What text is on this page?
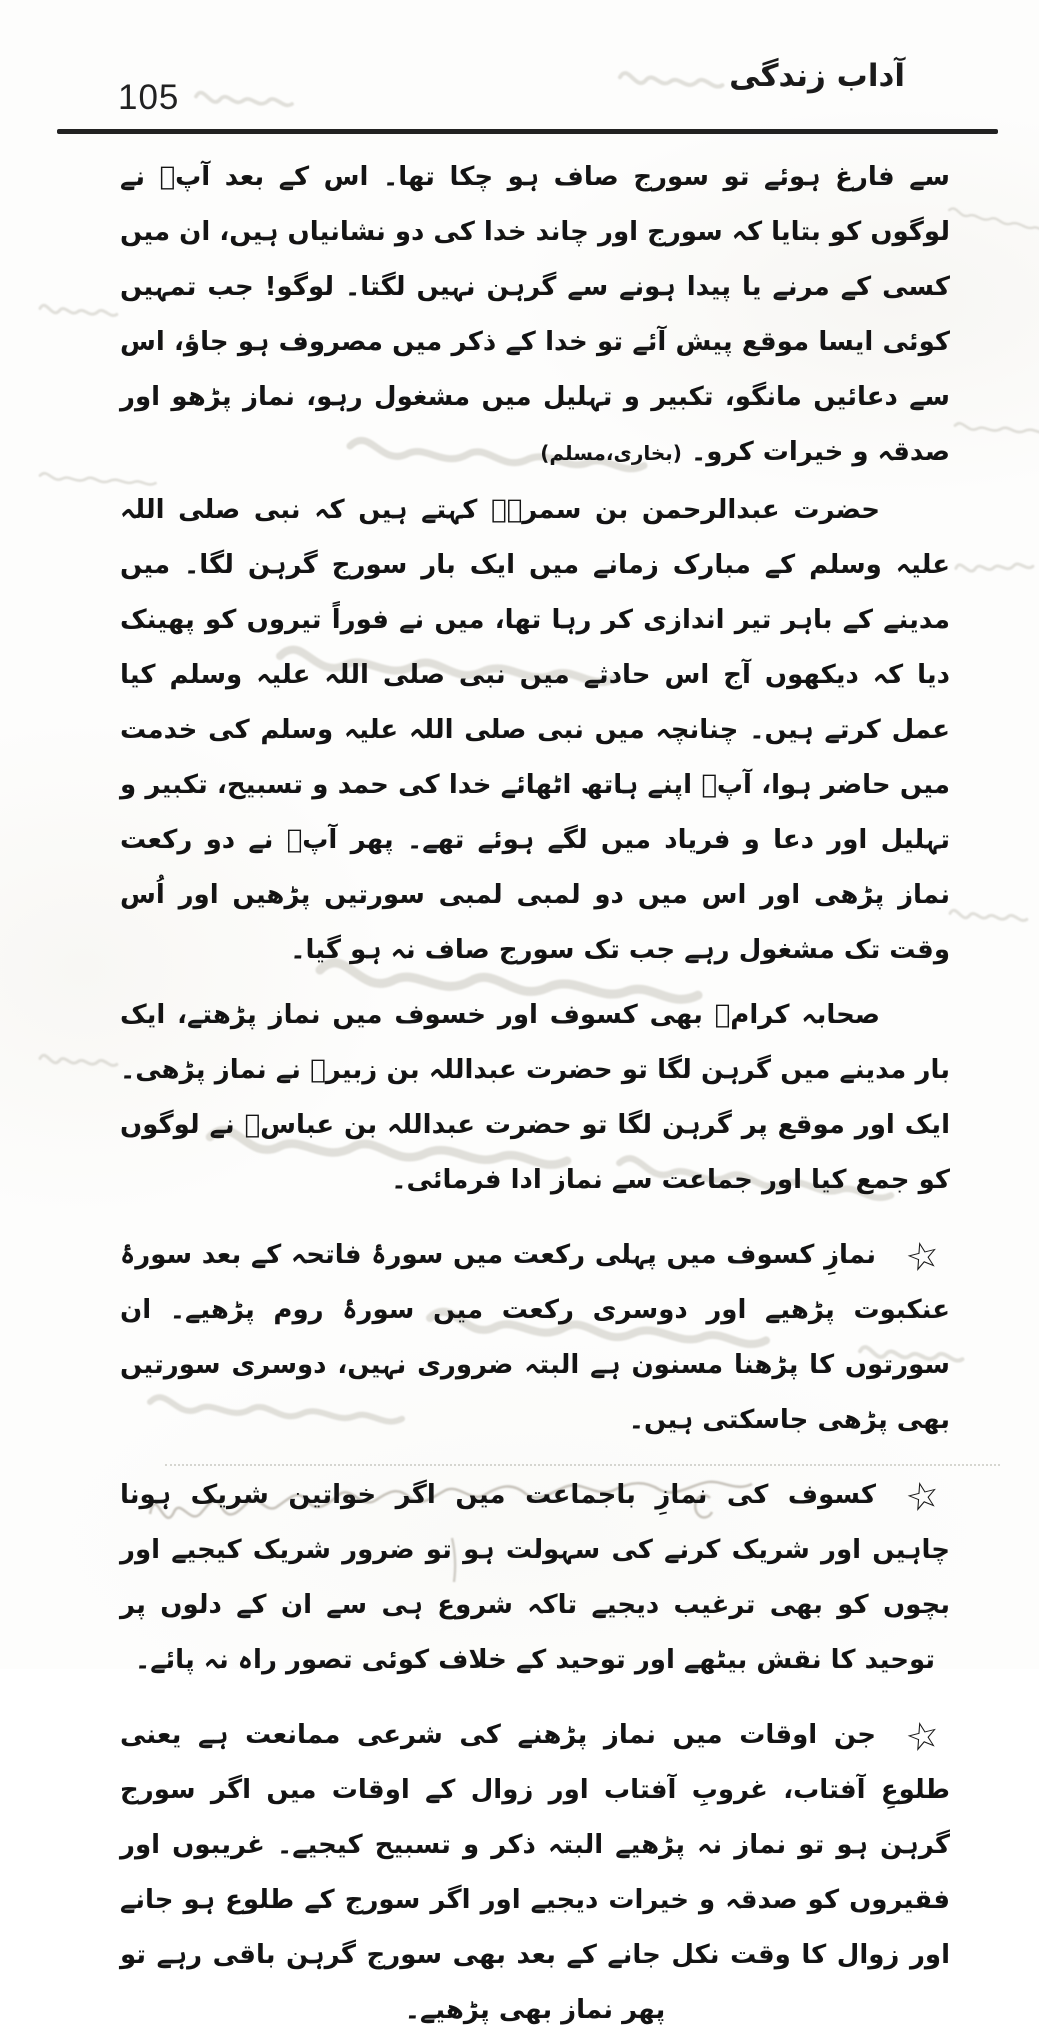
105
آداب زندگی

سے فارغ ہوئے تو سورج صاف ہو چکا تھا۔ اس کے بعد آپؐ نے لوگوں کو بتایا کہ سورج اور چاند خدا کی دو نشانیاں ہیں، ان میں کسی کے مرنے یا پیدا ہونے سے گرہن نہیں لگتا۔ لوگو! جب تمہیں کوئی ایسا موقع پیش آئے تو خدا کے ذکر میں مصروف ہو جاؤ، اس سے دعائیں مانگو، تکبیر و تہلیل میں مشغول رہو، نماز پڑھو اور صدقہ و خیرات کرو۔ (بخاری،مسلم)

حضرت عبدالرحمن بن سمرہؓ کہتے ہیں کہ نبی صلی اللہ علیہ وسلم کے مبارک زمانے میں ایک بار سورج گرہن لگا۔ میں مدینے کے باہر تیر اندازی کر رہا تھا، میں نے فوراً تیروں کو پھینک دیا کہ دیکھوں آج اس حادثے میں نبی صلی اللہ علیہ وسلم کیا عمل کرتے ہیں۔ چنانچہ میں نبی صلی اللہ علیہ وسلم کی خدمت میں حاضر ہوا، آپؐ اپنے ہاتھ اٹھائے خدا کی حمد و تسبیح، تکبیر و تہلیل اور دعا و فریاد میں لگے ہوئے تھے۔ پھر آپؐ نے دو رکعت نماز پڑھی اور اس میں دو لمبی لمبی سورتیں پڑھیں اور اُس وقت تک مشغول رہے جب تک سورج صاف نہ ہو گیا۔

صحابہ کرامؓ بھی کسوف اور خسوف میں نماز پڑھتے، ایک بار مدینے میں گرہن لگا تو حضرت عبداللہ بن زبیرؓ نے نماز پڑھی۔ ایک اور موقع پر گرہن لگا تو حضرت عبداللہ بن عباسؓ نے لوگوں کو جمع کیا اور جماعت سے نماز ادا فرمائی۔

☆

نمازِ کسوف میں پہلی رکعت میں سورۂ فاتحہ کے بعد سورۂ عنکبوت پڑھیے اور دوسری رکعت میں سورۂ روم پڑھیے۔ ان سورتوں کا پڑھنا مسنون ہے البتہ ضروری نہیں، دوسری سورتیں بھی پڑھی جاسکتی ہیں۔

☆

کسوف کی نمازِ باجماعت میں اگر خواتین شریک ہونا چاہیں اور شریک کرنے کی سہولت ہو تو ضرور شریک کیجیے اور بچوں کو بھی ترغیب دیجیے تاکہ شروع ہی سے ان کے دلوں پر توحید کا نقش بیٹھے اور توحید کے خلاف کوئی تصور راہ نہ پائے۔

☆

جن اوقات میں نماز پڑھنے کی شرعی ممانعت ہے یعنی طلوعِ آفتاب، غروبِ آفتاب اور زوال کے اوقات میں اگر سورج گرہن ہو تو نماز نہ پڑھیے البتہ ذکر و تسبیح کیجیے۔ غریبوں اور فقیروں کو صدقہ و خیرات دیجیے اور اگر سورج کے طلوع ہو جانے اور زوال کا وقت نکل جانے کے بعد بھی سورج گرہن باقی رہے تو پھر نماز بھی پڑھیے۔
